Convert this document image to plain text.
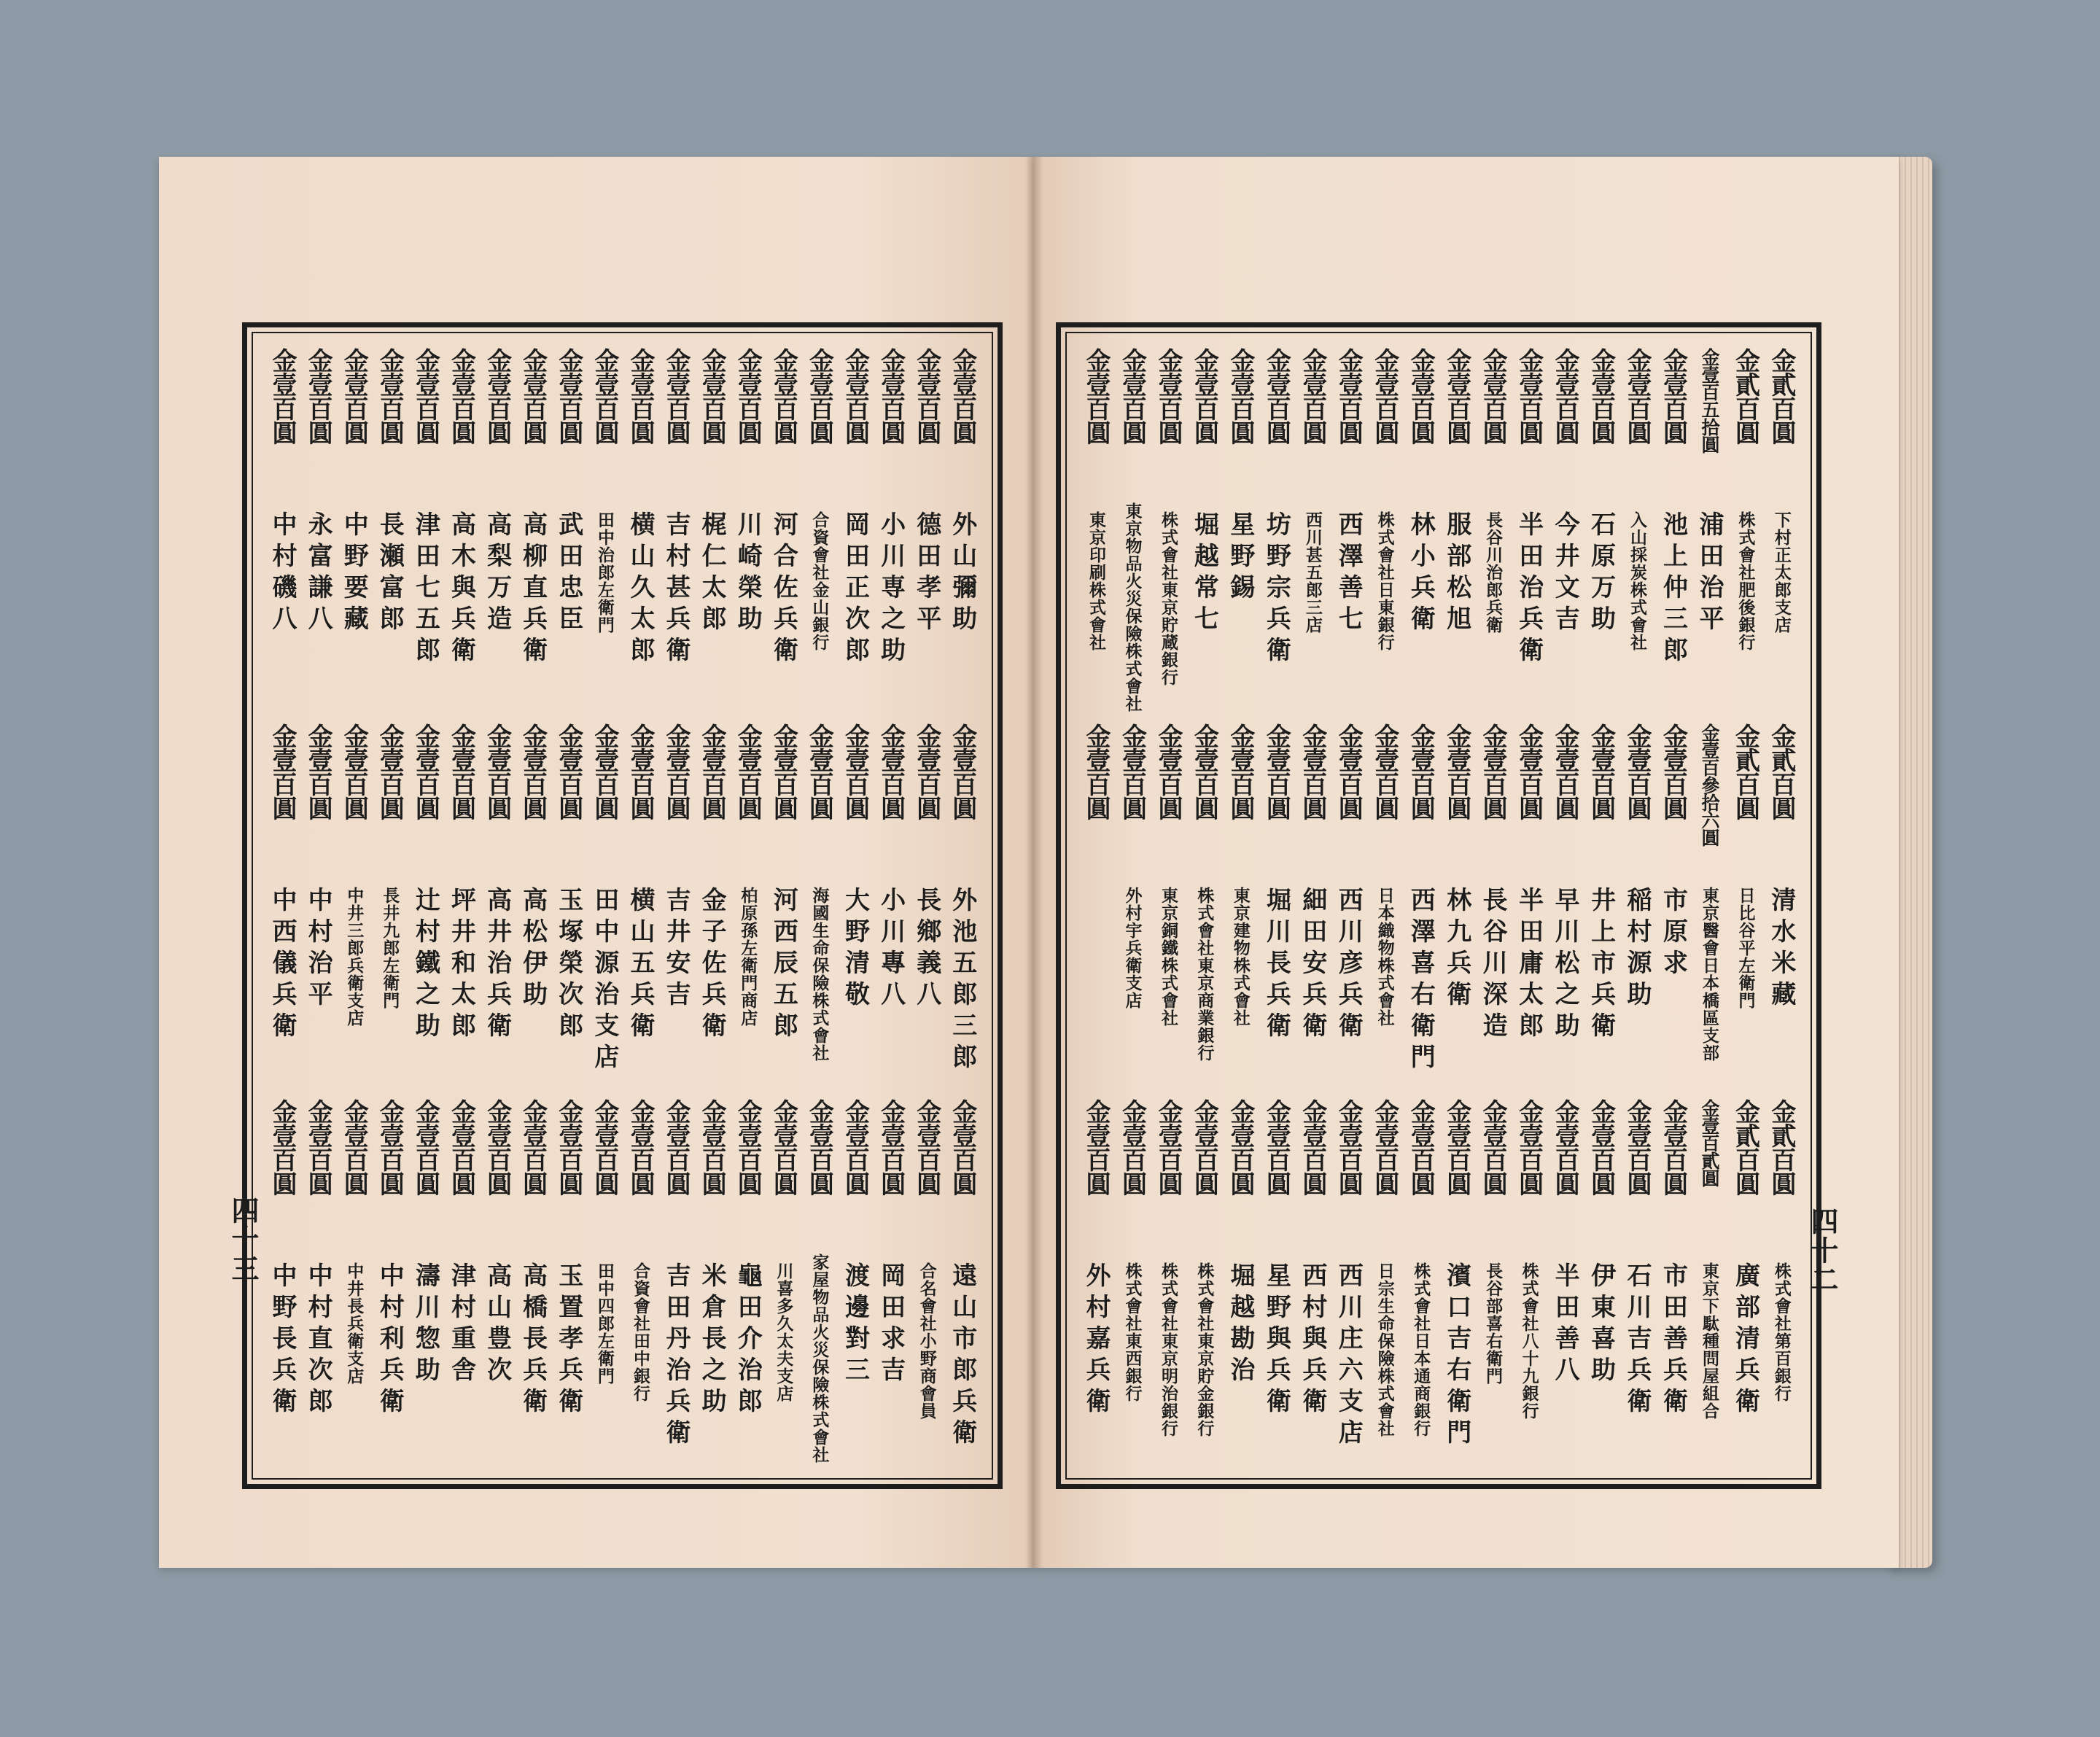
金壹百圓
外山彌助
金壹百圓
外池五郎三郎
金壹百圓
遠山市郎兵衛
金壹百圓
德田孝平
金壹百圓
長鄉義八
金壹百圓
合名會社小野商會員
金壹百圓
小川専之助
金壹百圓
小川專八
金壹百圓
岡田求吉
金壹百圓
岡田正次郎
金壹百圓
大野清敬
金壹百圓
渡邊對三
金壹百圓
合資會社金山銀行
金壹百圓
海國生命保險株式會社
金壹百圓
家屋物品火災保險株式會社
金壹百圓
河合佐兵衛
金壹百圓
河西辰五郎
金壹百圓
川喜多久太夫支店
金壹百圓
川崎榮助
金壹百圓
柏原孫左衛門商店
金壹百圓
龜田介治郎
金壹百圓
梶仁太郎
金壹百圓
金子佐兵衛
金壹百圓
米倉長之助
金壹百圓
吉村甚兵衛
金壹百圓
吉井安吉
金壹百圓
吉田丹治兵衛
金壹百圓
横山久太郎
金壹百圓
横山五兵衛
金壹百圓
合資會社田中銀行
金壹百圓
田中治郎左衛門
金壹百圓
田中源治支店
金壹百圓
田中四郎左衛門
金壹百圓
武田忠臣
金壹百圓
玉塚榮次郎
金壹百圓
玉置孝兵衛
金壹百圓
高柳直兵衛
金壹百圓
高松伊助
金壹百圓
高橋長兵衛
金壹百圓
高梨万造
金壹百圓
高井治兵衛
金壹百圓
高山豊次
金壹百圓
高木與兵衛
金壹百圓
坪井和太郎
金壹百圓
津村重舎
金壹百圓
津田七五郎
金壹百圓
辻村鐵之助
金壹百圓
濤川惣助
金壹百圓
長瀬富郎
金壹百圓
長井九郎左衛門
金壹百圓
中村利兵衛
金壹百圓
中野要藏
金壹百圓
中井三郎兵衛支店
金壹百圓
中井長兵衛支店
金壹百圓
永富謙八
金壹百圓
中村治平
金壹百圓
中村直次郎
金壹百圓
中村磯八
金壹百圓
中西儀兵衛
金壹百圓
中野長兵衛
金貳百圓
下村正太郎支店
金貳百圓
清水米藏
金貳百圓
株式會社第百銀行
金貳百圓
株式會社肥後銀行
金貳百圓
日比谷平左衛門
金貳百圓
廣部清兵衛
金壹百五拾圓
浦田治平
金壹百參拾六圓
東京醫會日本橋區支部
金壹百貳圓
東京下駄種問屋組合
金壹百圓
池上仲三郎
金壹百圓
市原求
金壹百圓
市田善兵衛
金壹百圓
入山採炭株式會社
金壹百圓
稲村源助
金壹百圓
石川吉兵衛
金壹百圓
石原万助
金壹百圓
井上市兵衛
金壹百圓
伊東喜助
金壹百圓
今井文吉
金壹百圓
早川松之助
金壹百圓
半田善八
金壹百圓
半田治兵衛
金壹百圓
半田庸太郎
金壹百圓
株式會社八十九銀行
金壹百圓
長谷川治郎兵衛
金壹百圓
長谷川深造
金壹百圓
長谷部喜右衛門
金壹百圓
服部松旭
金壹百圓
林九兵衛
金壹百圓
濱口吉右衛門
金壹百圓
林小兵衛
金壹百圓
西澤喜右衛門
金壹百圓
株式會社日本通商銀行
金壹百圓
株式會社日東銀行
金壹百圓
日本織物株式會社
金壹百圓
日宗生命保險株式會社
金壹百圓
西澤善七
金壹百圓
西川彦兵衛
金壹百圓
西川庄六支店
金壹百圓
西川甚五郎三店
金壹百圓
細田安兵衛
金壹百圓
西村與兵衛
金壹百圓
坊野宗兵衛
金壹百圓
堀川長兵衛
金壹百圓
星野與兵衛
金壹百圓
星野錫
金壹百圓
東京建物株式會社
金壹百圓
堀越勘治
金壹百圓
堀越常七
金壹百圓
株式會社東京商業銀行
金壹百圓
株式會社東京貯金銀行
金壹百圓
株式會社東京貯蔵銀行
金壹百圓
東京銅鐵株式會社
金壹百圓
株式會社東京明治銀行
金壹百圓
東京物品火災保險株式會社
金壹百圓
外村宇兵衛支店
金壹百圓
株式會社東西銀行
金壹百圓
東京印刷株式會社
金壹百圓
金壹百圓
外村嘉兵衛
四十三	四十二
